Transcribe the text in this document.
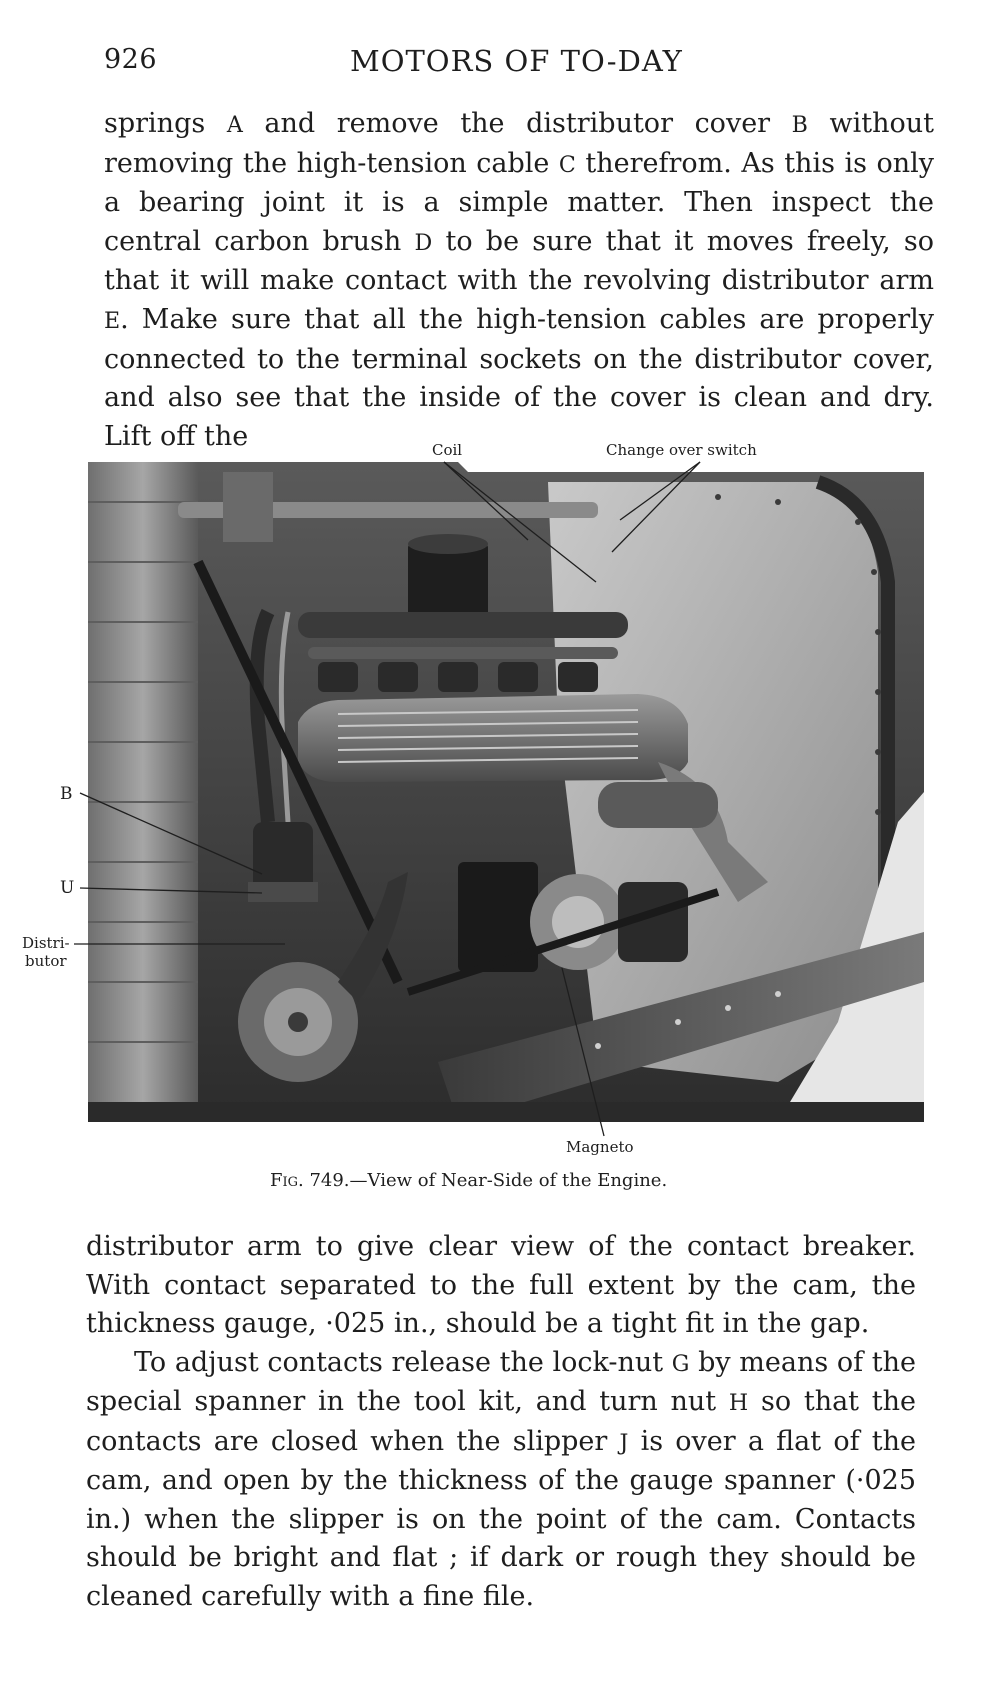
926	MOTORS OF TO-DAY
springs A and remove the distributor cover B without removing the high-tension cable C therefrom. As this is only a bearing joint it is a simple matter. Then inspect the central carbon brush D to be sure that it moves freely, so that it will make contact with the revolving distributor arm E. Make sure that all the high-tension cables are properly connected to the terminal sockets on the distributor cover, and also see that the inside of the cover is clean and dry. Lift off the	Coil	Change over switch
B
U
Distri-
butor
Magneto
Fig. 749.—View of Near-Side of the Engine.

distributor arm to give clear view of the contact breaker. With contact separated to the full extent by the cam, the thickness gauge, ·025 in., should be a tight fit in the gap.

To adjust contacts release the lock-nut G by means of the special spanner in the tool kit, and turn nut H so that the contacts are closed when the slipper J is over a flat of the cam, and open by the thickness of the gauge spanner (·025 in.) when the slipper is on the point of the cam. Contacts should be bright and flat ; if dark or rough they should be cleaned carefully with a fine file.
